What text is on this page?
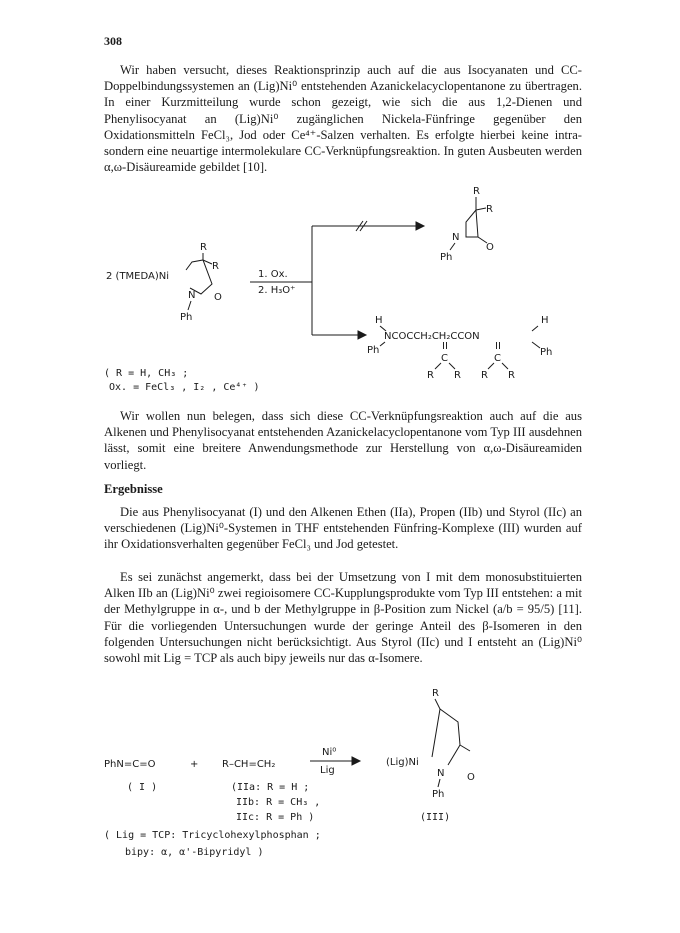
308

Wir haben versucht, dieses Reaktionsprinzip auch auf die aus Isocyanaten und CC-Doppelbindungssystemen an (Lig)Ni⁰ entstehenden Azanickelacyclopentanone zu übertragen. In einer Kurzmitteilung wurde schon gezeigt, wie sich die aus 1,2-Dienen und Phenylisocyanat an (Lig)Ni⁰ zugänglichen Nickela-Fünfringe gegenüber den Oxidationsmitteln FeCl₃, Jod oder Ce⁴⁺-Salzen verhalten. Es erfolgte hierbei keine intra- sondern eine neuartige intermolekulare CC-Verknüpfungsreaktion. In guten Ausbeuten werden α,ω-Disäureamide gebildet [10].

R
R
N
O
Ph
R
R
2 (TMEDA)Ni
N O
Ph
1. Ox.
2. H₃O⁺
H
NCOCCH₂CH₂CCON
Ph
H
Ph
II	II
C	C
R R R R
( R = H, CH₃ ;
Ox. = FeCl₃ , I₂ , Ce⁴⁺ )

Wir wollen nun belegen, dass sich diese CC-Verknüpfungsreaktion auch auf die aus Alkenen und Phenylisocyanat entstehenden Azanickelacyclopentanone vom Typ III ausdehnen lässt, somit eine breitere Anwendungsmethode zur Herstellung von α,ω-Disäureamiden vorliegt.

Ergebnisse

Die aus Phenylisocyanat (I) und den Alkenen Ethen (IIa), Propen (IIb) und Styrol (IIc) an verschiedenen (Lig)Ni⁰-Systemen in THF entstehenden Fünfring-Komplexe (III) wurden auf ihr Oxidationsverhalten gegenüber FeCl₃ und Jod getestet.

Es sei zunächst angemerkt, dass bei der Umsetzung von I mit dem monosubstituierten Alken IIb an (Lig)Ni⁰ zwei regioisomere CC-Kupplungsprodukte vom Typ III entstehen: a mit der Methylgruppe in α-, und b der Methylgruppe in β-Position zum Nickel (a/b = 95/5) [11]. Für die vorliegenden Untersuchungen wurde der geringe Anteil des β-Isomeren in den folgenden Untersuchungen nicht berücksichtigt. Aus Styrol (IIc) und I entsteht an (Lig)Ni⁰ sowohl mit Lig = TCP als auch bipy jeweils nur das α-Isomere.

PhN=C=O	+ R–CH=CH₂
Ni⁰
Lig
R
(Lig)Ni
N O
Ph
( I )	(IIa: R = H ;
IIb: R = CH₃ ,
IIc: R = Ph )	(III)
( Lig = TCP: Tricyclohexylphosphan ;
bipy: α, α'-Bipyridyl )
